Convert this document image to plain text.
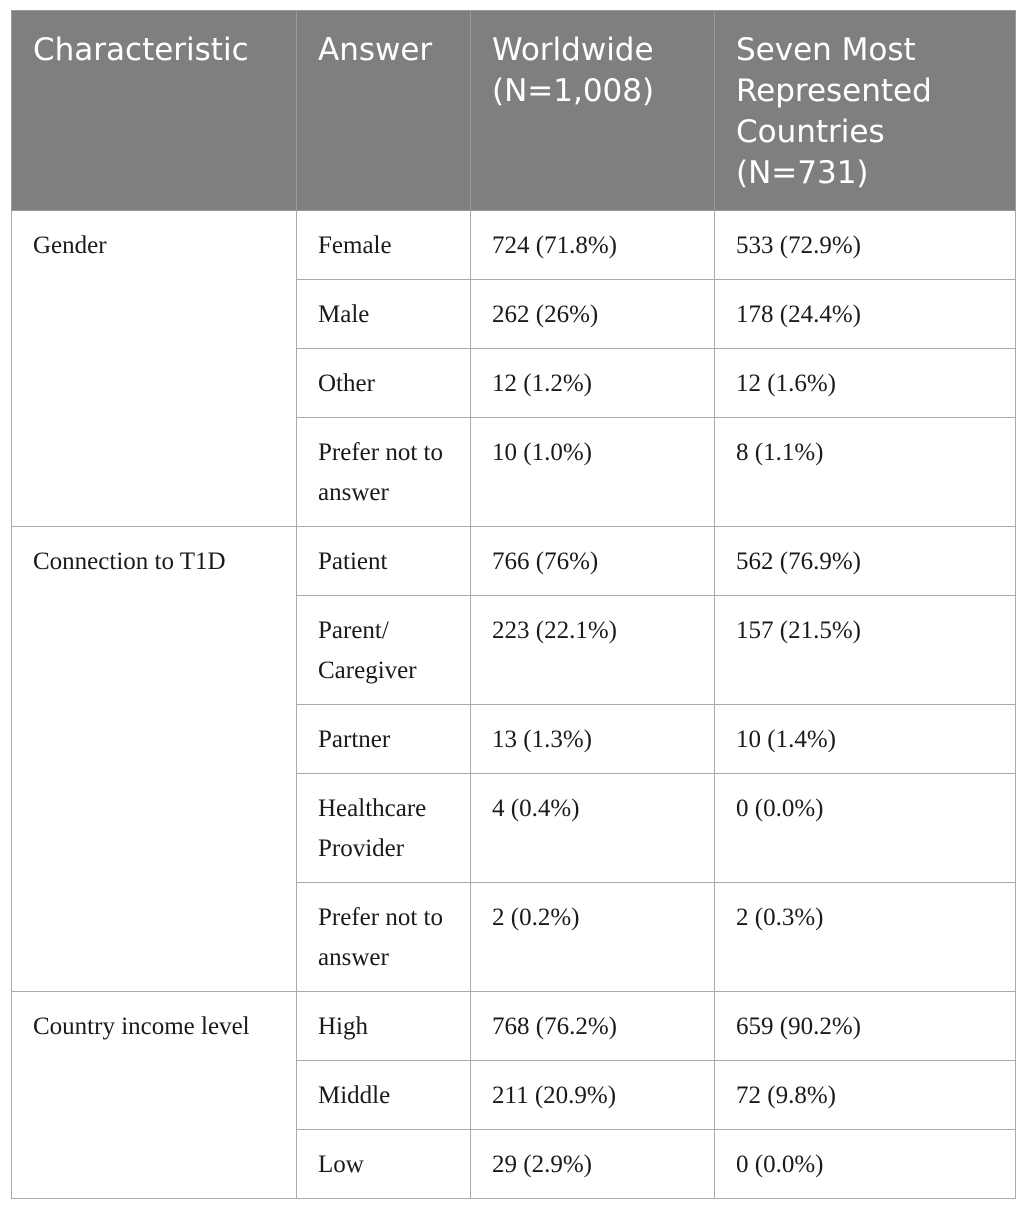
Characteristic	Answer	Worldwide (N=1,008)	Seven Most Represented Countries (N=731)
Gender	Female	724 (71.8%)	533 (72.9%)
	Male	262 (26%)	178 (24.4%)
	Other	12 (1.2%)	12 (1.6%)
	Prefer not to answer	10 (1.0%)	8 (1.1%)
Connection to T1D	Patient	766 (76%)	562 (76.9%)
	Parent/ Caregiver	223 (22.1%)	157 (21.5%)
	Partner	13 (1.3%)	10 (1.4%)
	Healthcare Provider	4 (0.4%)	0 (0.0%)
	Prefer not to answer	2 (0.2%)	2 (0.3%)
Country income level	High	768 (76.2%)	659 (90.2%)
	Middle	211 (20.9%)	72 (9.8%)
	Low	29 (2.9%)	0 (0.0%)
